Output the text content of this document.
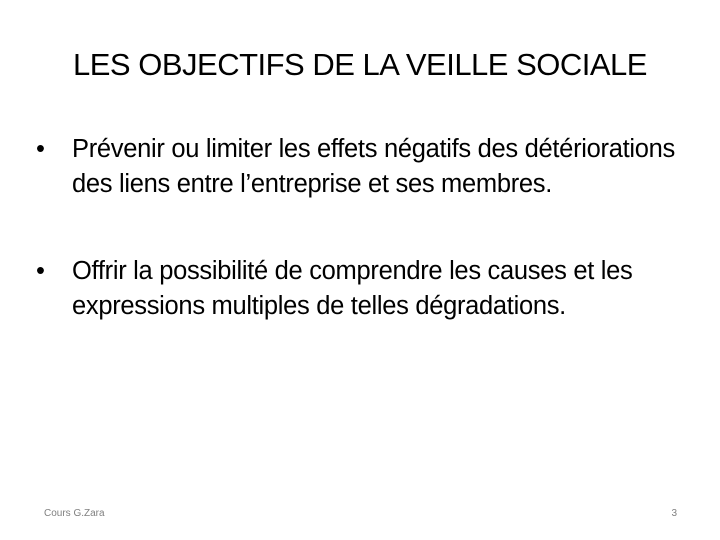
LES OBJECTIFS DE LA VEILLE SOCIALE
•	Prévenir ou limiter les effets négatifs des détériorations des liens entre l’entreprise et ses membres.
•	Offrir la possibilité de comprendre les causes et les expressions multiples de telles dégradations.
Cours G.Zara	3
